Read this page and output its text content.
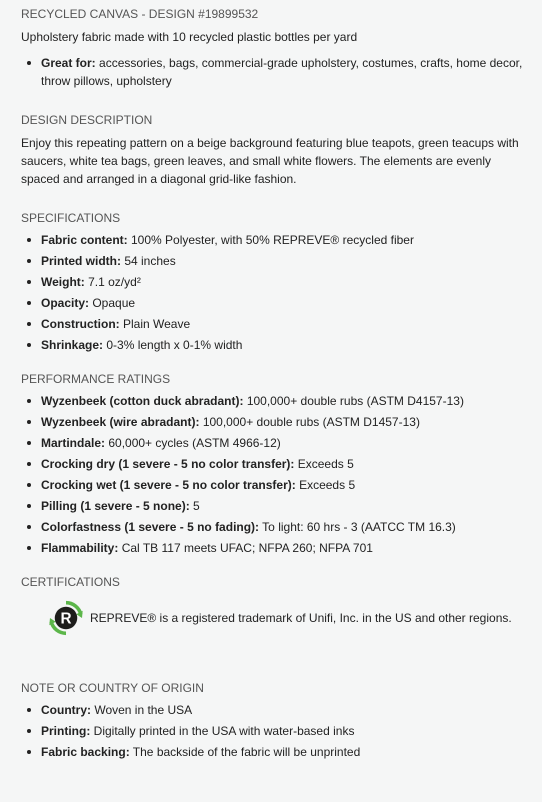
RECYCLED CANVAS - DESIGN #19899532
Upholstery fabric made with 10 recycled plastic bottles per yard
Great for: accessories, bags, commercial-grade upholstery, costumes, crafts, home decor, throw pillows, upholstery
DESIGN DESCRIPTION
Enjoy this repeating pattern on a beige background featuring blue teapots, green teacups with saucers, white tea bags, green leaves, and small white flowers. The elements are evenly spaced and arranged in a diagonal grid-like fashion.
SPECIFICATIONS
Fabric content: 100% Polyester, with 50% REPREVE® recycled fiber
Printed width: 54 inches
Weight: 7.1 oz/yd²
Opacity: Opaque
Construction: Plain Weave
Shrinkage: 0-3% length x 0-1% width
PERFORMANCE RATINGS
Wyzenbeek (cotton duck abradant): 100,000+ double rubs (ASTM D4157-13)
Wyzenbeek (wire abradant): 100,000+ double rubs (ASTM D1457-13)
Martindale: 60,000+ cycles (ASTM 4966-12)
Crocking dry (1 severe - 5 no color transfer): Exceeds 5
Crocking wet (1 severe - 5 no color transfer): Exceeds 5
Pilling (1 severe - 5 none): 5
Colorfastness (1 severe - 5 no fading): To light: 60 hrs - 3 (AATCC TM 16.3)
Flammability: Cal TB 117 meets UFAC; NFPA 260; NFPA 701
CERTIFICATIONS
R REPREVE® is a registered trademark of Unifi, Inc. in the US and other regions.
NOTE OR COUNTRY OF ORIGIN
Country: Woven in the USA
Printing: Digitally printed in the USA with water-based inks
Fabric backing: The backside of the fabric will be unprinted
